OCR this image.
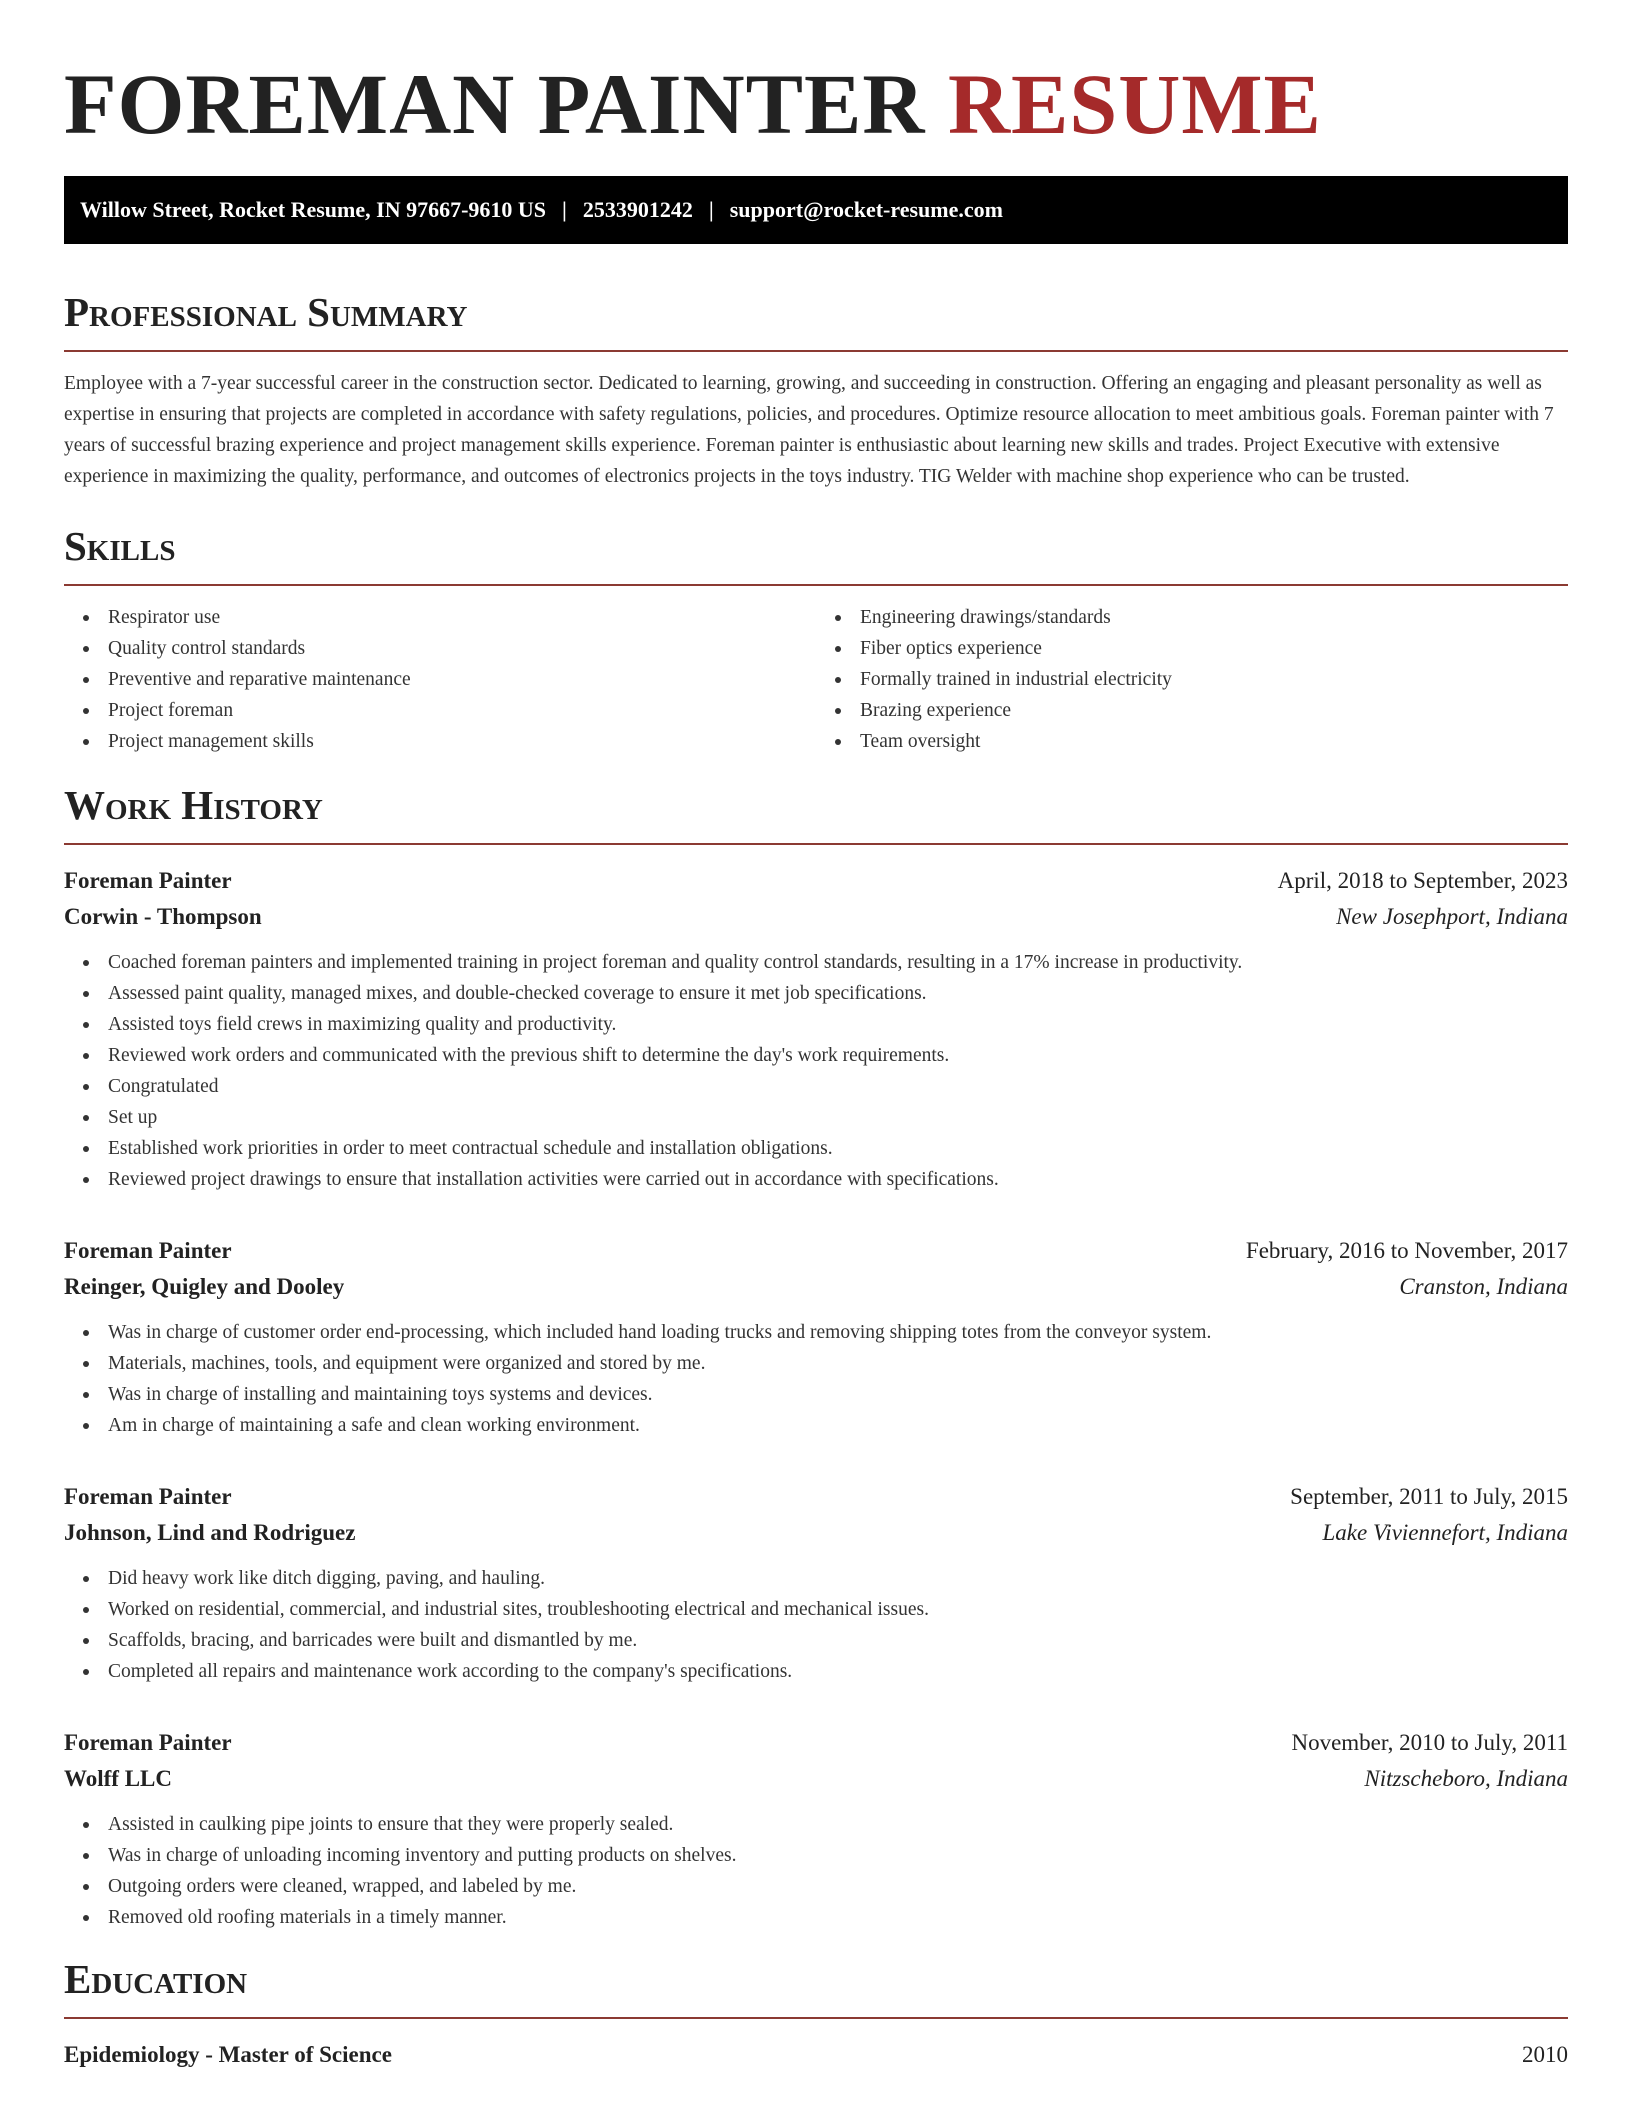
FOREMAN PAINTER RESUME
Willow Street, Rocket Resume, IN 97667-9610 US | 2533901242 | support@rocket-resume.com
Professional Summary

Employee with a 7-year successful career in the construction sector. Dedicated to learning, growing, and succeeding in construction. Offering an engaging and pleasant personality as well as expertise in ensuring that projects are completed in accordance with safety regulations, policies, and procedures. Optimize resource allocation to meet ambitious goals. Foreman painter with 7 years of successful brazing experience and project management skills experience. Foreman painter is enthusiastic about learning new skills and trades. Project Executive with extensive experience in maximizing the quality, performance, and outcomes of electronics projects in the toys industry. TIG Welder with machine shop experience who can be trusted.

Skills
Respirator use
Quality control standards
Preventive and reparative maintenance
Project foreman
Project management skills
Engineering drawings/standards
Fiber optics experience
Formally trained in industrial electricity
Brazing experience
Team oversight
Work History
Foreman Painter	April, 2018 to September, 2023
Corwin - Thompson	New Josephport, Indiana
Coached foreman painters and implemented training in project foreman and quality control standards, resulting in a 17% increase in productivity.
Assessed paint quality, managed mixes, and double-checked coverage to ensure it met job specifications.
Assisted toys field crews in maximizing quality and productivity.
Reviewed work orders and communicated with the previous shift to determine the day's work requirements.
Congratulated
Set up
Established work priorities in order to meet contractual schedule and installation obligations.
Reviewed project drawings to ensure that installation activities were carried out in accordance with specifications.
Foreman Painter	February, 2016 to November, 2017
Reinger, Quigley and Dooley	Cranston, Indiana
Was in charge of customer order end-processing, which included hand loading trucks and removing shipping totes from the conveyor system.
Materials, machines, tools, and equipment were organized and stored by me.
Was in charge of installing and maintaining toys systems and devices.
Am in charge of maintaining a safe and clean working environment.
Foreman Painter	September, 2011 to July, 2015
Johnson, Lind and Rodriguez	Lake Viviennefort, Indiana
Did heavy work like ditch digging, paving, and hauling.
Worked on residential, commercial, and industrial sites, troubleshooting electrical and mechanical issues.
Scaffolds, bracing, and barricades were built and dismantled by me.
Completed all repairs and maintenance work according to the company's specifications.
Foreman Painter	November, 2010 to July, 2011
Wolff LLC	Nitzscheboro, Indiana
Assisted in caulking pipe joints to ensure that they were properly sealed.
Was in charge of unloading incoming inventory and putting products on shelves.
Outgoing orders were cleaned, wrapped, and labeled by me.
Removed old roofing materials in a timely manner.
Education
Epidemiology - Master of Science	2010
